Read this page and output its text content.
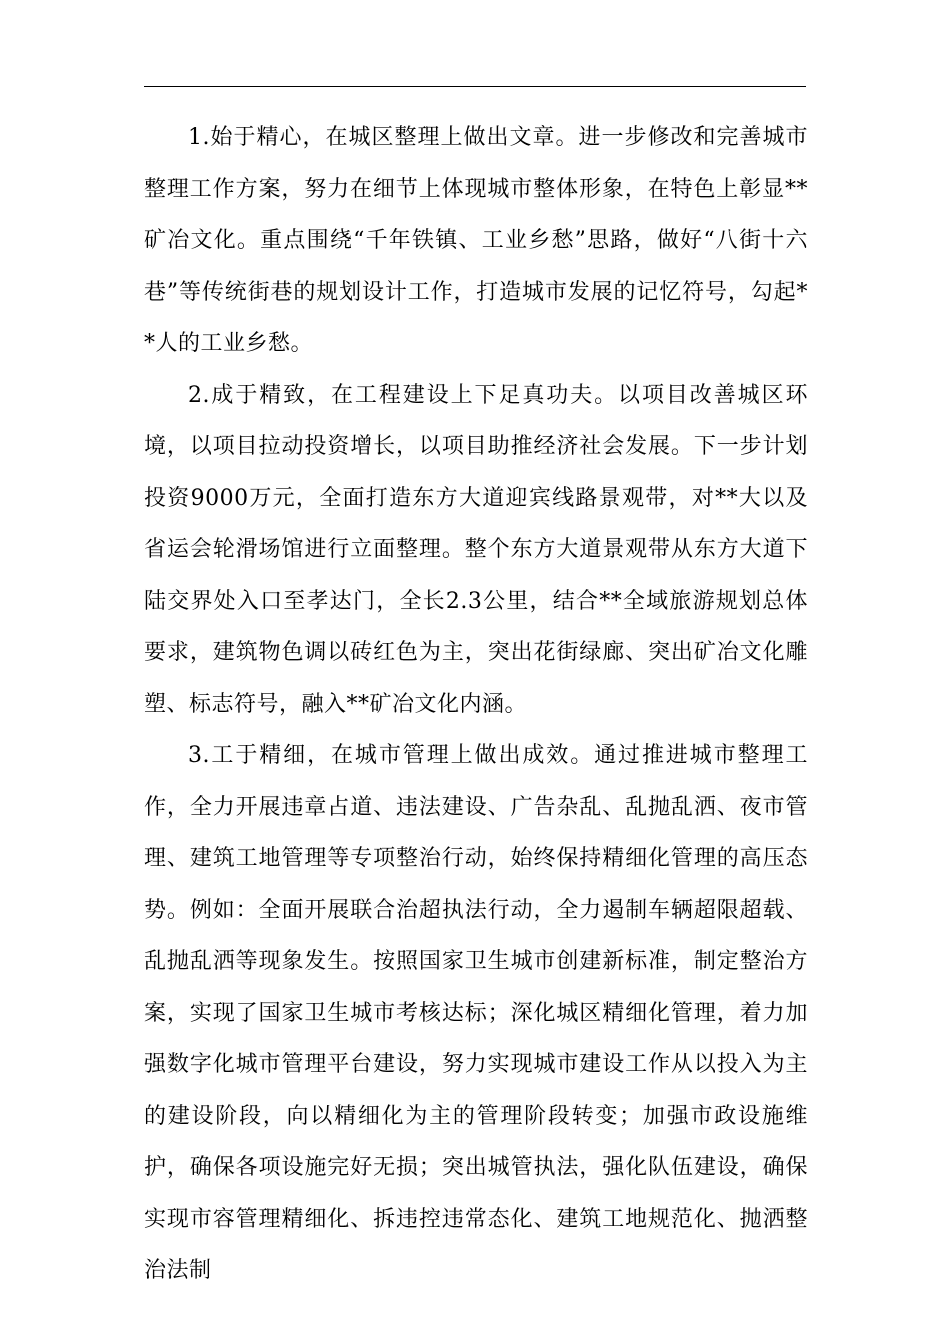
1.始于精心，在城区整理上做出文章。进一步修改和完善城市整理工作方案，努力在细节上体现城市整体形象，在特色上彰显**矿冶文化。重点围绕“千年铁镇、工业乡愁”思路，做好“八街十六巷”等传统街巷的规划设计工作，打造城市发展的记忆符号，勾起**人的工业乡愁。

2.成于精致，在工程建设上下足真功夫。以项目改善城区环境，以项目拉动投资增长，以项目助推经济社会发展。下一步计划投资9000万元，全面打造东方大道迎宾线路景观带，对**大以及省运会轮滑场馆进行立面整理。整个东方大道景观带从东方大道下陆交界处入口至孝达门，全长2.3公里，结合**全域旅游规划总体要求，建筑物色调以砖红色为主，突出花街绿廊、突出矿冶文化雕塑、标志符号，融入**矿冶文化内涵。

3.工于精细，在城市管理上做出成效。通过推进城市整理工作，全力开展违章占道、违法建设、广告杂乱、乱抛乱洒、夜市管理、建筑工地管理等专项整治行动，始终保持精细化管理的高压态势。例如：全面开展联合治超执法行动，全力遏制车辆超限超载、乱抛乱洒等现象发生。按照国家卫生城市创建新标准，制定整治方案，实现了国家卫生城市考核达标；深化城区精细化管理，着力加强数字化城市管理平台建设，努力实现城市建设工作从以投入为主的建设阶段，向以精细化为主的管理阶段转变；加强市政设施维护，确保各项设施完好无损；突出城管执法，强化队伍建设，确保实现市容管理精细化、拆违控违常态化、建筑工地规范化、抛洒整治法制
